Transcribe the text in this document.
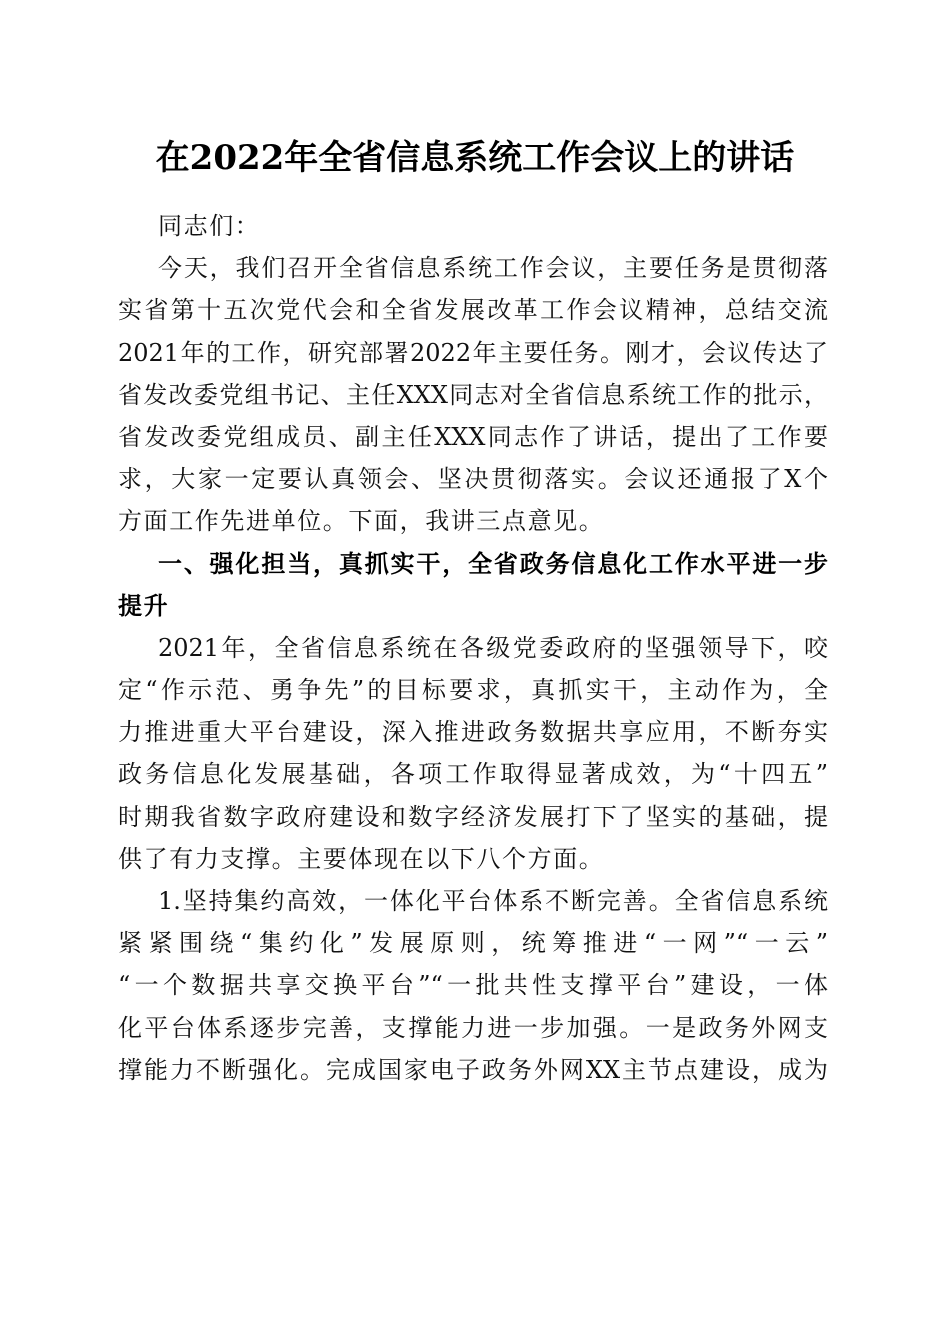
在2022年全省信息系统工作会议上的讲话
同志们：
今天，我们召开全省信息系统工作会议，主要任务是贯彻落
实省第十五次党代会和全省发展改革工作会议精神，总结交流
2021年的工作，研究部署2022年主要任务。刚才，会议传达了
省发改委党组书记、主任XXX同志对全省信息系统工作的批示，
省发改委党组成员、副主任XXX同志作了讲话，提出了工作要
求，大家一定要认真领会、坚决贯彻落实。会议还通报了X个
方面工作先进单位。下面，我讲三点意见。
一、强化担当，真抓实干，全省政务信息化工作水平进一步
提升
2021年，全省信息系统在各级党委政府的坚强领导下，咬
定“作示范、勇争先”的目标要求，真抓实干，主动作为，全
力推进重大平台建设，深入推进政务数据共享应用，不断夯实
政务信息化发展基础，各项工作取得显著成效，为“十四五”
时期我省数字政府建设和数字经济发展打下了坚实的基础，提
供了有力支撑。主要体现在以下八个方面。
1.坚持集约高效，一体化平台体系不断完善。全省信息系统
紧紧围绕“集约化”发展原则，统筹推进“一网”“一云”
“一个数据共享交换平台”“一批共性支撑平台”建设，一体
化平台体系逐步完善，支撑能力进一步加强。一是政务外网支
撑能力不断强化。完成国家电子政务外网XX主节点建设，成为
